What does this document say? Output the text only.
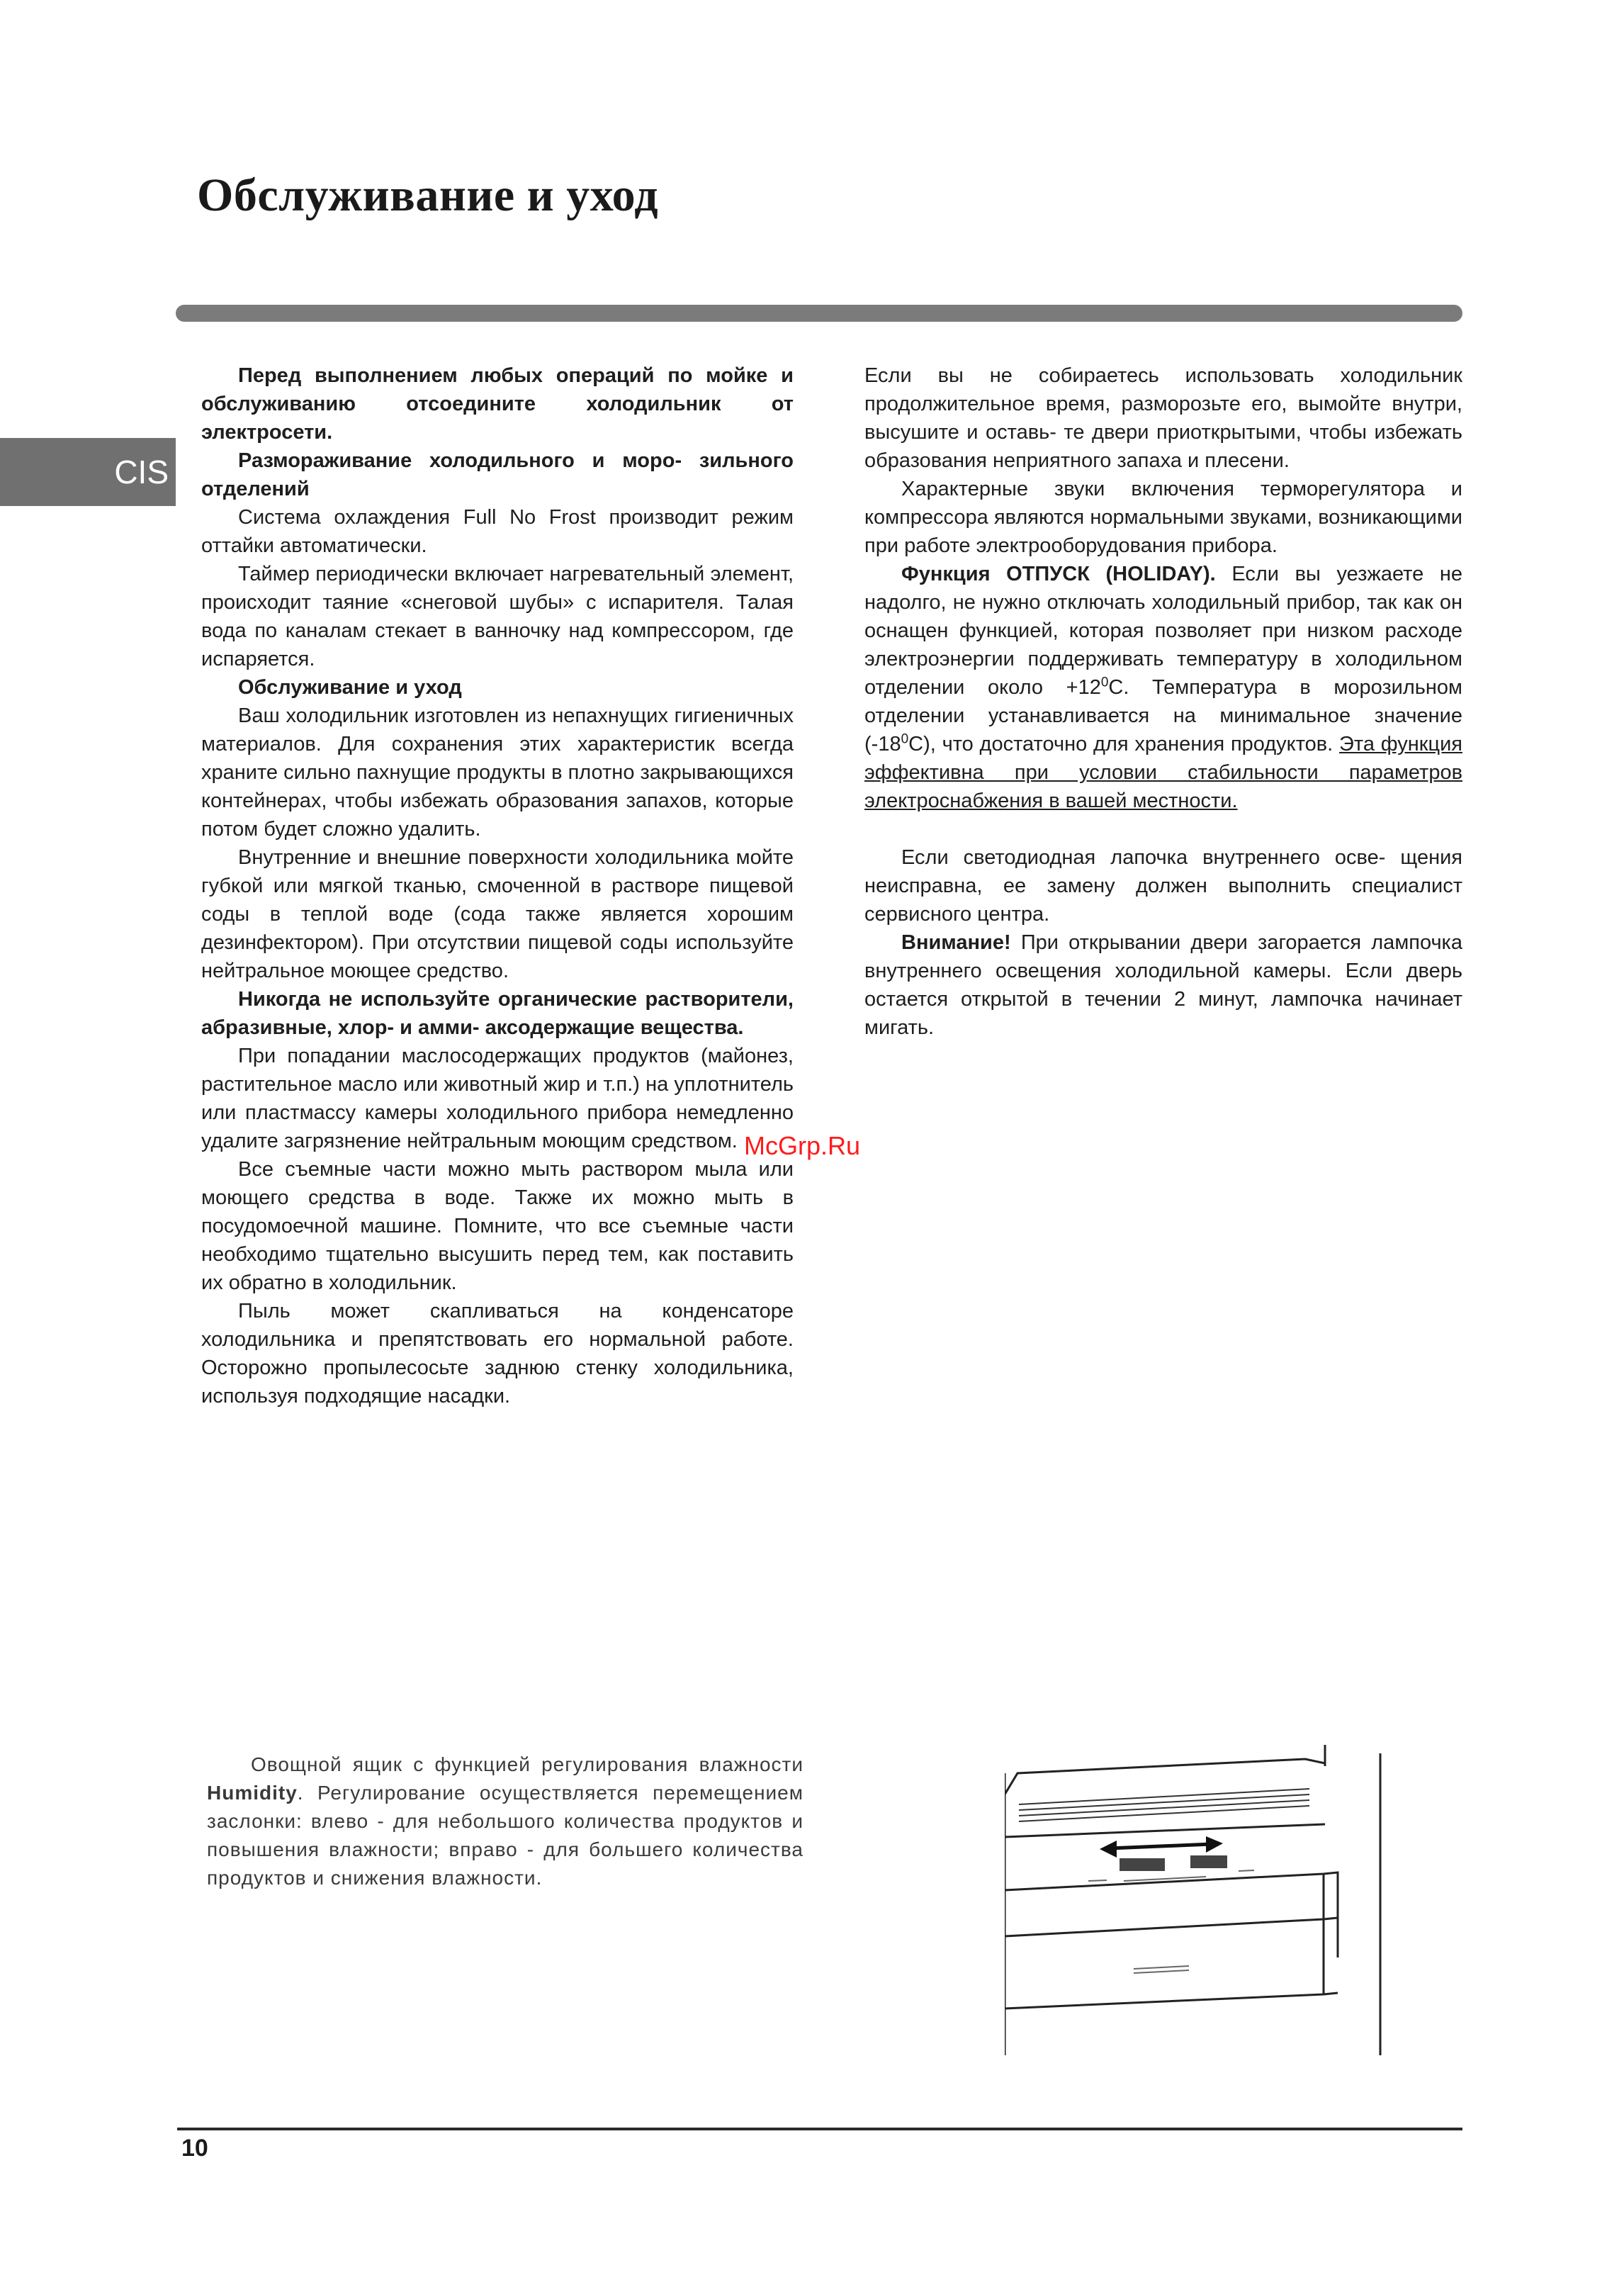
Обслуживание и уход
CIS

Перед выполнением любых операций по мойке и обслуживанию отсоедините холодильник от электросети.

Размораживание холодильного и моро- зильного отделений

Система охлаждения Full No Frost производит режим оттайки автоматически.

Таймер периодически включает нагревательный элемент, происходит таяние «снеговой шубы» с испарителя. Талая вода по каналам стекает в ванночку над компрессором, где испаряется.

Обслуживание и уход

Ваш холодильник изготовлен из непахнущих гигиеничных материалов. Для сохранения этих характеристик всегда храните сильно пахнущие продукты в плотно закрывающихся контейнерах, чтобы избежать образования запахов, которые потом будет сложно удалить.

Внутренние и внешние поверхности холодильника мойте губкой или мягкой тканью, смоченной в растворе пищевой соды в теплой воде (сода также является хорошим дезинфектором). При отсутствии пищевой соды используйте нейтральное моющее средство.

Никогда не используйте органические растворители, абразивные, хлор- и амми- аксодержащие вещества.

При попадании маслосодержащих продуктов (майонез, растительное масло или животный жир и т.п.) на уплотнитель или пластмассу камеры холодильного прибора немедленно удалите загрязнение нейтральным моющим средством.

Все съемные части можно мыть раствором мыла или моющего средства в воде. Также их можно мыть в посудомоечной машине. Помните, что все съемные части необходимо тщательно высушить перед тем, как поставить их обратно в холодильник.

Пыль может скапливаться на конденсаторе холодильника и препятствовать его нормальной работе. Осторожно пропылесосьте заднюю стенку холодильника, используя подходящие насадки.

Если вы не собираетесь использовать холодильник продолжительное время, разморозьте его, вымойте внутри, высушите и оставь- те двери приоткрытыми, чтобы избежать образования неприятного запаха и плесени.

Характерные звуки включения терморегулятора и компрессора являются нормальными звуками, возникающими при работе электрооборудования прибора.

Функция ОТПУСК (HOLIDAY). Если вы уезжаете не надолго, не нужно отключать холодильный прибор, так как он оснащен функцией, которая позволяет при низком расходе электроэнергии поддерживать температуру в холодильном отделении около $+12^0С$. Температура в морозильном отделении устанавливается на минимальное значение $(-18^0С)$, что достаточно для хранения продуктов. Эта функция эффективна при условии стабильности параметров электроснабжения в вашей местности.

Если светодиодная лапочка внутреннего осве- щения неисправна, ее замену должен выполнить специалист сервисного центра.

Внимание! При открывании двери загорается лампочка внутреннего освещения холодильной камеры. Если дверь остается открытой в течении 2 минут, лампочка начинает мигать.

McGrp.Ru

Овощной ящик с функцией регулирования влажности Humidity. Регулирование осуществляется перемещением заслонки: влево - для небольшого количества продуктов и повышения влажности; вправо - для большего количества продуктов и снижения влажности.

10
